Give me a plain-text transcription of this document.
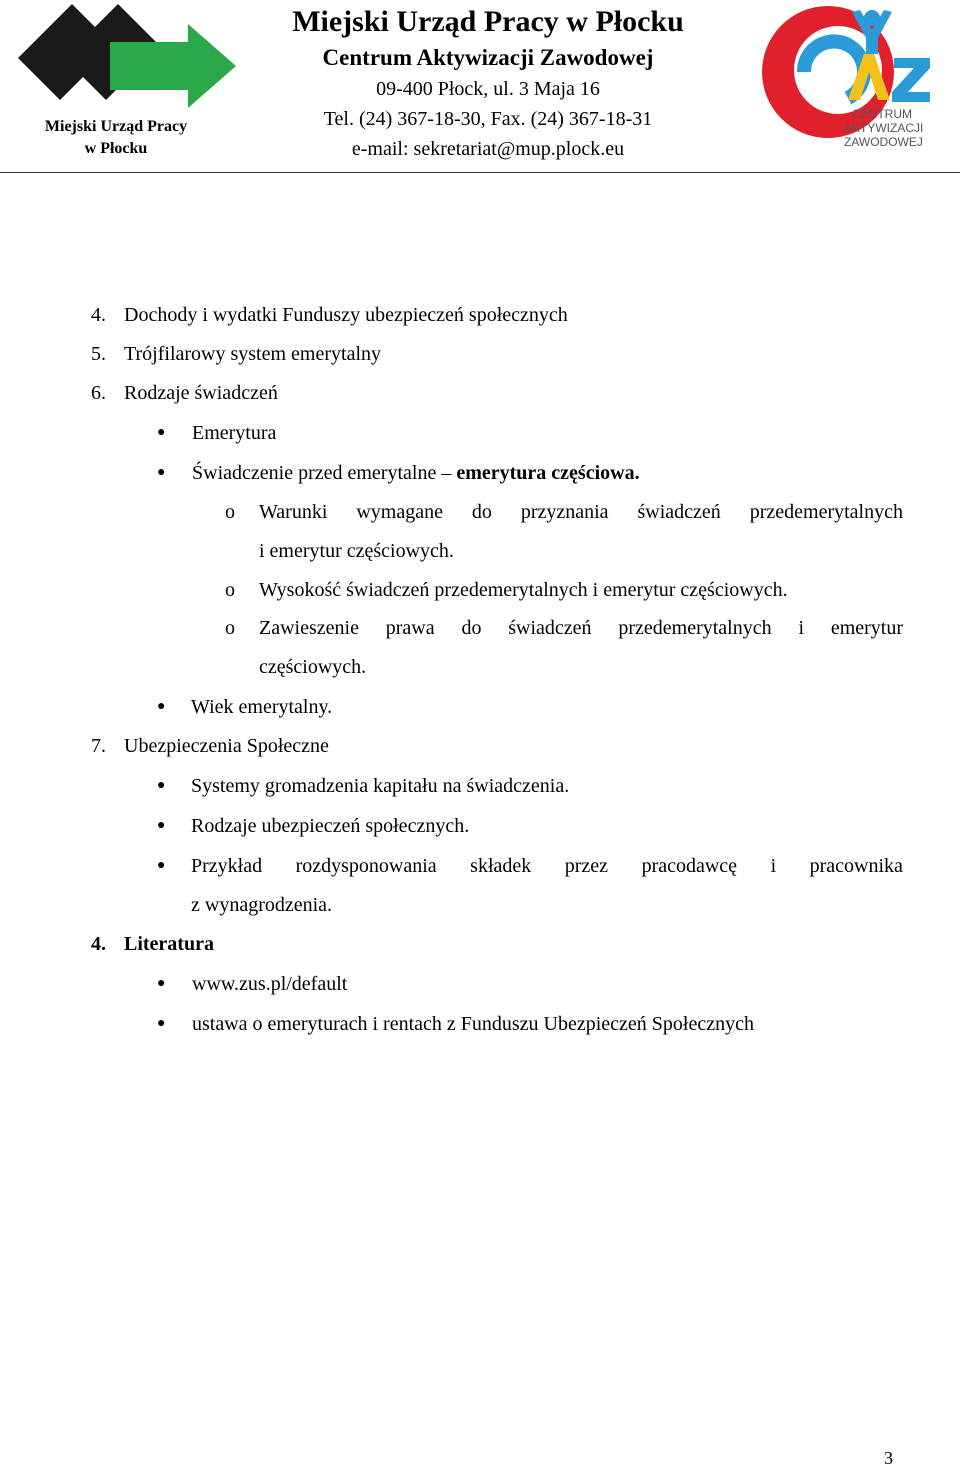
Miejski Urząd Pracy
w Płocku
Miejski Urząd Pracy w Płocku
Centrum Aktywizacji Zawodowej
09-400 Płock, ul. 3 Maja 16
Tel. (24) 367-18-30, Fax. (24) 367-18-31
e-mail: sekretariat@mup.plock.eu
CENTRUM
AKTYWIZACJI
ZAWODOWEJ
4. Dochody i wydatki Funduszy ubezpieczeń społecznych
5. Trójfilarowy system emerytalny
6. Rodzaje świadczeń
● Emerytura
● Świadczenie przed emerytalne – emerytura częściowa.
o Warunki wymagane do przyznania świadczeń przedemerytalnych
i emerytur częściowych.
o Wysokość świadczeń przedemerytalnych i emerytur częściowych.
o Zawieszenie prawa do świadczeń przedemerytalnych i emerytur
częściowych.
● Wiek emerytalny.
7. Ubezpieczenia Społeczne
● Systemy gromadzenia kapitału na świadczenia.
● Rodzaje ubezpieczeń społecznych.
● Przykład rozdysponowania składek przez pracodawcę i pracownika
z wynagrodzenia.
4. Literatura
● www.zus.pl/default
● ustawa o emeryturach i rentach z Funduszu Ubezpieczeń Społecznych
3
